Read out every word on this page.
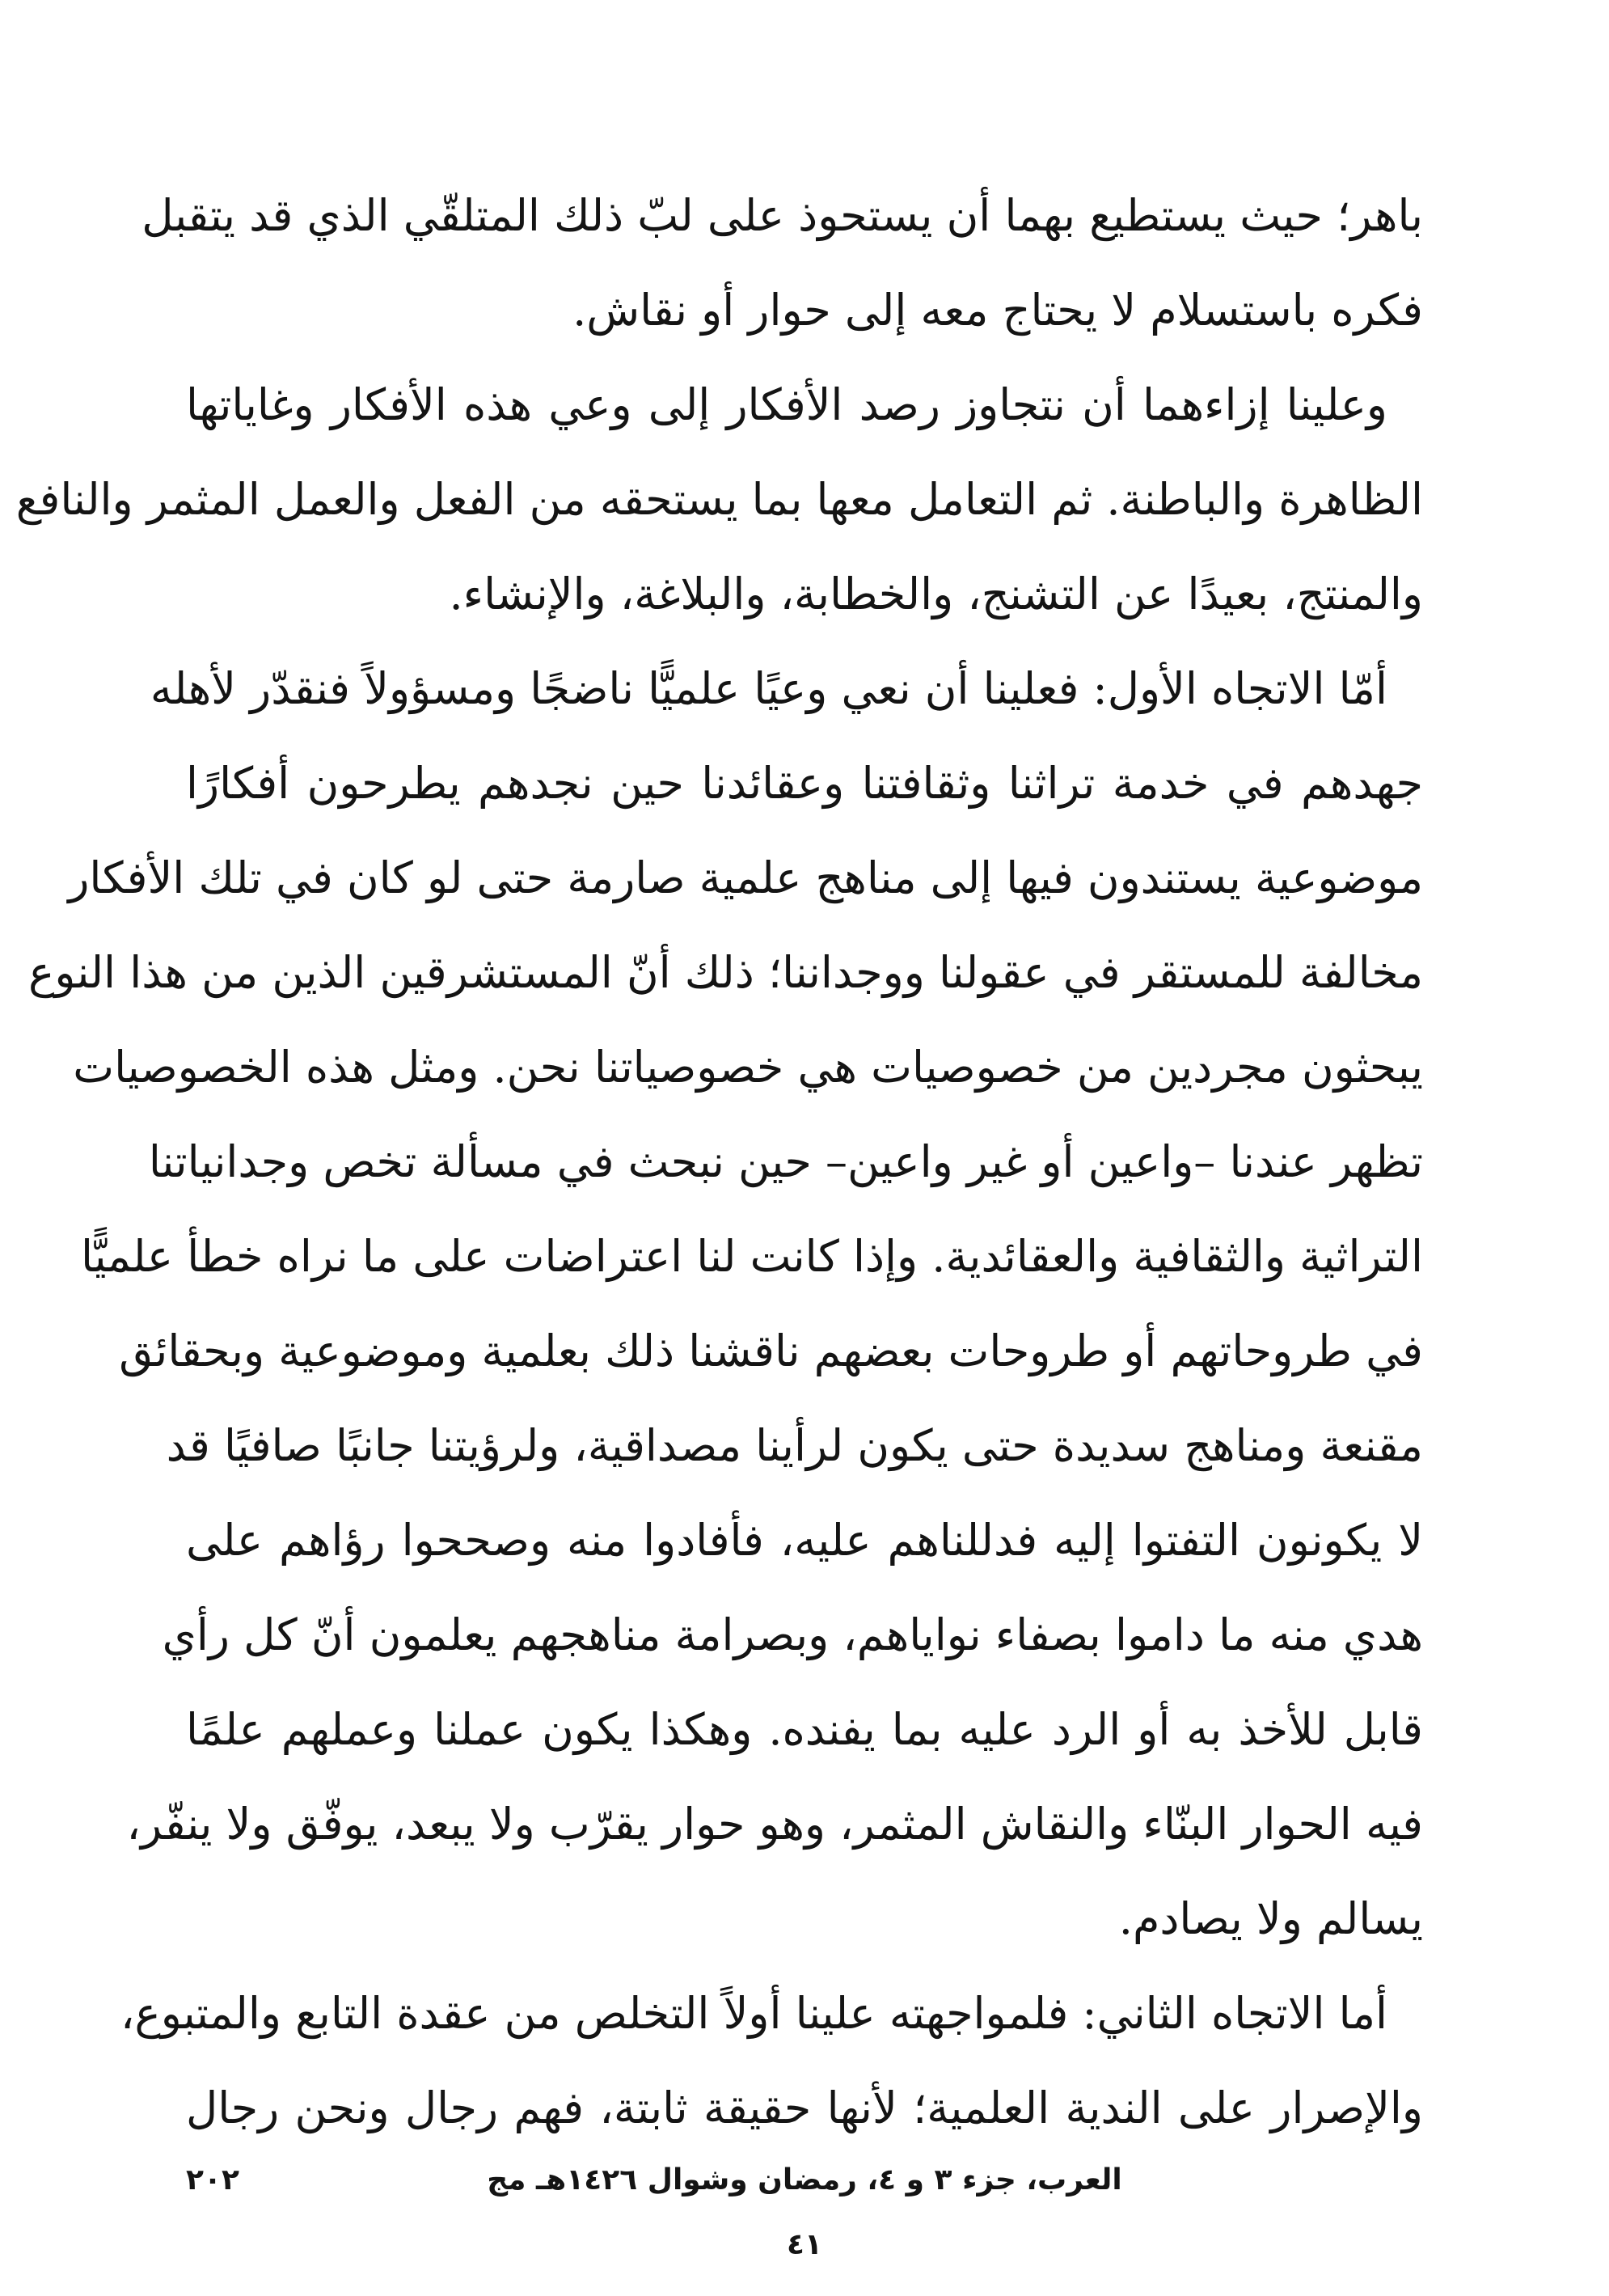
باهر؛ حيث يستطيع بهما أن يستحوذ على لبّ ذلك المتلقّي الذي قد يتقبل
فكره باستسلام لا يحتاج معه إلى حوار أو نقاش.
وعلينا إزاءهما أن نتجاوز رصد الأفكار إلى وعي هذه الأفكار وغاياتها
الظاهرة والباطنة. ثم التعامل معها بما يستحقه من الفعل والعمل المثمر والنافع
والمنتج، بعيدًا عن التشنج، والخطابة، والبلاغة، والإنشاء.
أمّا الاتجاه الأول: فعلينا أن نعي وعيًا علميًّا ناضجًا ومسؤولاً فنقدّر لأهله
جهدهم في خدمة تراثنا وثقافتنا وعقائدنا حين نجدهم يطرحون أفكارًا
موضوعية يستندون فيها إلى مناهج علمية صارمة حتى لو كان في تلك الأفكار
مخالفة للمستقر في عقولنا ووجداننا؛ ذلك أنّ المستشرقين الذين من هذا النوع
يبحثون مجردين من خصوصيات هي خصوصياتنا نحن. ومثل هذه الخصوصيات
تظهر عندنا –واعين أو غير واعين– حين نبحث في مسألة تخص وجدانياتنا
التراثية والثقافية والعقائدية. وإذا كانت لنا اعتراضات على ما نراه خطأ علميًّا
في طروحاتهم أو طروحات بعضهم ناقشنا ذلك بعلمية وموضوعية وبحقائق
مقنعة ومناهج سديدة حتى يكون لرأينا مصداقية، ولرؤيتنا جانبًا صافيًا قد
لا يكونون التفتوا إليه فدللناهم عليه، فأفادوا منه وصححوا رؤاهم على
هدي منه ما داموا بصفاء نواياهم، وبصرامة مناهجهم يعلمون أنّ كل رأي
قابل للأخذ به أو الرد عليه بما يفنده. وهكذا يكون عملنا وعملهم علمًا
فيه الحوار البنّاء والنقاش المثمر، وهو حوار يقرّب ولا يبعد، يوفّق ولا ينفّر،
يسالم ولا يصادم.
أما الاتجاه الثاني: فلمواجهته علينا أولاً التخلص من عقدة التابع والمتبوع،
والإصرار على الندية العلمية؛ لأنها حقيقة ثابتة، فهم رجال ونحن رجال
٢٠٢	العرب، جزء ٣ و ٤، رمضان وشوال ١٤٢٦هـ مج ٤١
